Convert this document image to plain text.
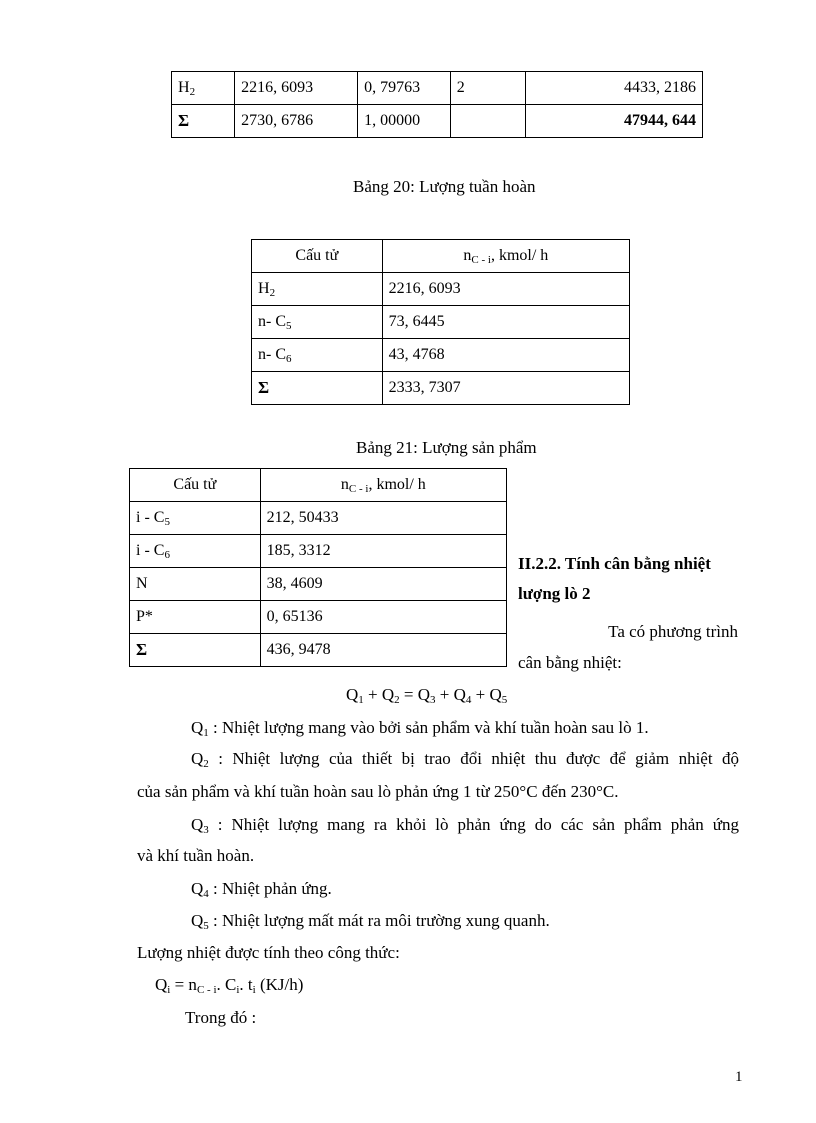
$H_2$	2216, 6093	0, 79763	2	4433, 2186
Σ	2730, 6786	1, 00000		47944, 644
Bảng 20: Lượng tuần hoàn
Cấu tử	$n_{C - i}$, kmol/ h
$H_2$	2216, 6093
n- $C_5$	73, 6445
n- $C_6$	43, 4768
Σ	2333, 7307
Bảng 21: Lượng sản phẩm
Cấu tử	$n_{C - i}$, kmol/ h
i - $C_5$	212, 50433
i - $C_6$	185, 3312
N	38, 4609
P*	0, 65136
Σ	436, 9478
II.2.2. Tính cân bằng nhiệt
lượng lò 2
Ta có phương trình
cân bằng nhiệt:
$Q_1 + Q_2 = Q_3 + Q_4 + Q_5$
$Q_1$ : Nhiệt lượng mang vào bởi sản phẩm và khí tuần hoàn sau lò 1.
$Q_2$ : Nhiệt lượng của thiết bị trao đổi nhiệt thu được để giảm nhiệt độ
của sản phẩm và khí tuần hoàn sau lò phản ứng 1 từ 250°C đến 230°C.
$Q_3$ : Nhiệt lượng mang ra khỏi lò phản ứng do các sản phẩm phản ứng
và khí tuần hoàn.
$Q_4$ : Nhiệt phản ứng.
$Q_5$ : Nhiệt lượng mất mát ra môi trường xung quanh.
Lượng nhiệt được tính theo công thức:
$Q_i = n_{C - i}$. $C_i$. $t_i$ (KJ/h)
Trong đó :
1
